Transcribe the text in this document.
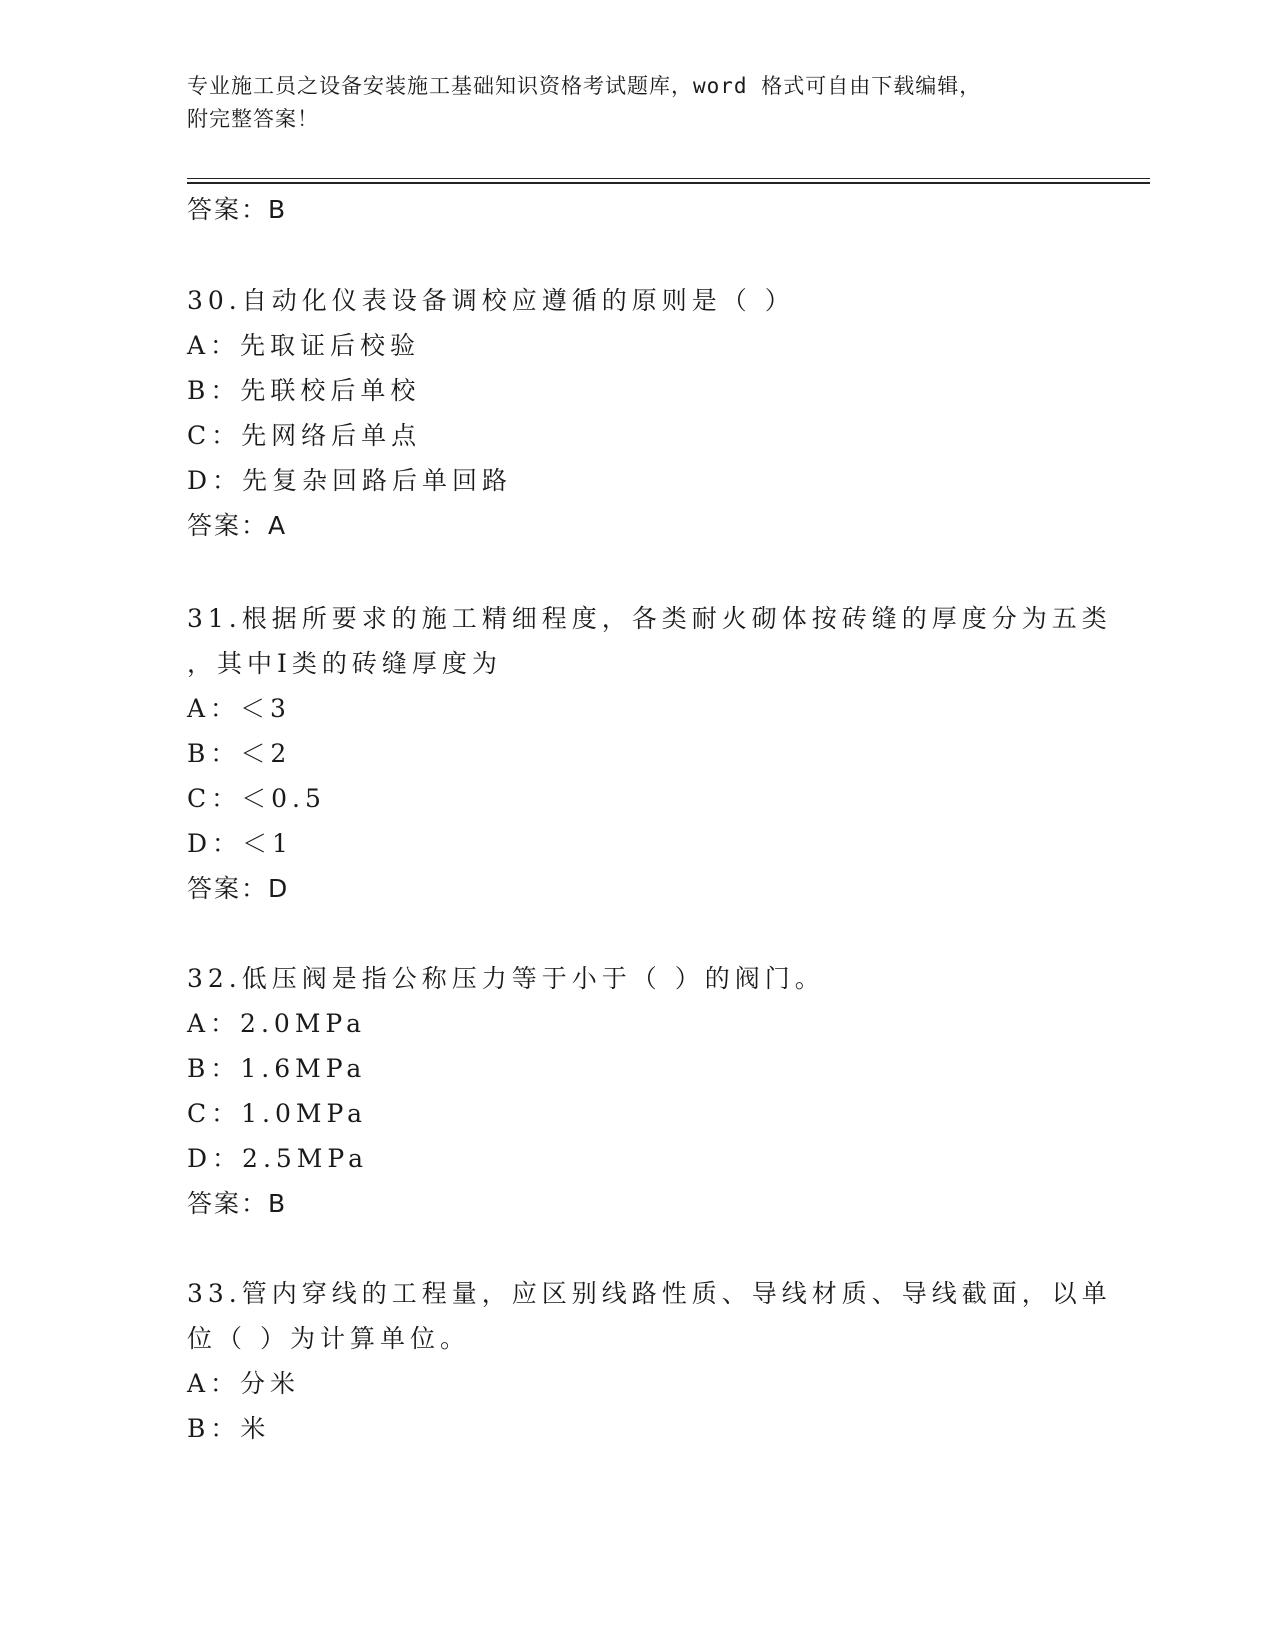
专业施工员之设备安装施工基础知识资格考试题库，word 格式可自由下载编辑，
附完整答案！
答案：B
30.自动化仪表设备调校应遵循的原则是（ ）
A：先取证后校验
B：先联校后单校
C：先网络后单点
D：先复杂回路后单回路
答案：A
31.根据所要求的施工精细程度，各类耐火砌体按砖缝的厚度分为五类
，其中Ⅰ类的砖缝厚度为
A：＜3
B：＜2
C：＜0.5
D：＜1
答案：D
32.低压阀是指公称压力等于小于（ ）的阀门。
A：2.0MPa
B：1.6MPa
C：1.0MPa
D：2.5MPa
答案：B
33.管内穿线的工程量，应区别线路性质、导线材质、导线截面，以单
位（ ）为计算单位。
A：分米
B：米
